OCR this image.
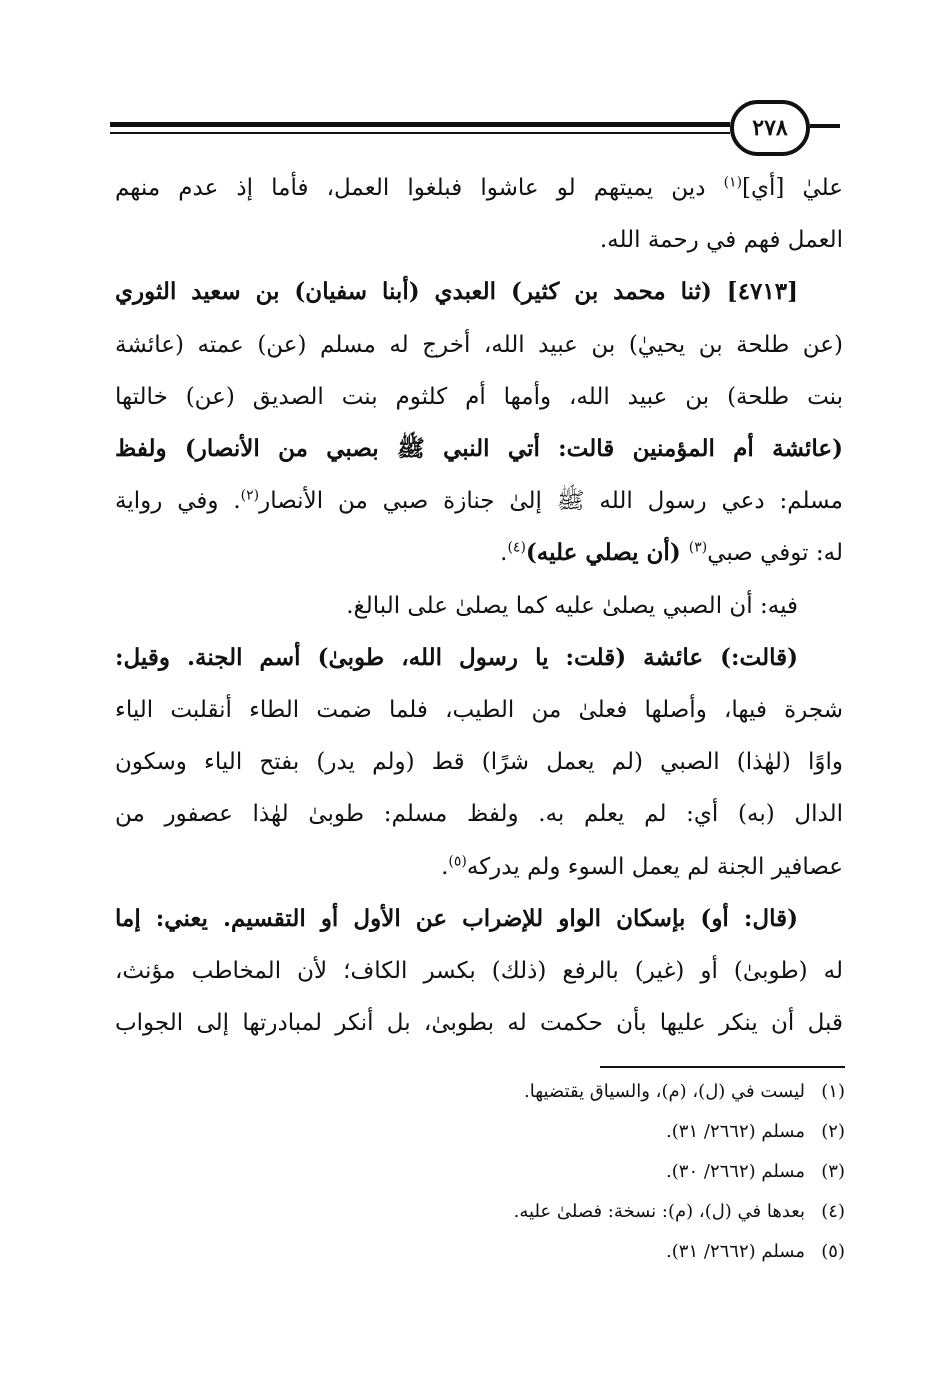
٢٧٨
عليٰ [أي]$^{(١)}$ دين يميتهم لو عاشوا فبلغوا العمل، فأما إذ عدم منهم
العمل فهم في رحمة الله.
[٤٧١٣] (ثنا محمد بن كثير) العبدي (أبنا سفيان) بن سعيد الثوري
(عن طلحة بن يحييٰ) بن عبيد الله، أخرج له مسلم (عن) عمته (عائشة
بنت طلحة) بن عبيد الله، وأمها أم كلثوم بنت الصديق (عن) خالتها
(عائشة أم المؤمنين قالت: أتي النبي ﷺ بصبي من الأنصار) ولفظ
مسلم: دعي رسول الله ﷺ إلىٰ جنازة صبي من الأنصار$^{(٢)}$. وفي رواية
له: توفي صبي$^{(٣)}$ (أن يصلي عليه)$^{(٤)}$.
فيه: أن الصبي يصلىٰ عليه كما يصلىٰ على البالغ.
(قالت:) عائشة (قلت: يا رسول الله، طوبىٰ) أسم الجنة. وقيل:
شجرة فيها، وأصلها فعلىٰ من الطيب، فلما ضمت الطاء أنقلبت الياء
واوًا (لهٰذا) الصبي (لم يعمل شرًا) قط (ولم يدر) بفتح الياء وسكون
الدال (به) أي: لم يعلم به. ولفظ مسلم: طوبىٰ لهٰذا عصفور من
عصافير الجنة لم يعمل السوء ولم يدركه$^{(٥)}$.
(قال: أو) بإسكان الواو للإضراب عن الأول أو التقسيم. يعني: إما
له (طوبىٰ) أو (غير) بالرفع (ذلك) بكسر الكاف؛ لأن المخاطب مؤنث،
قبل أن ينكر عليها بأن حكمت له بطوبىٰ، بل أنكر لمبادرتها إلى الجواب
(١)ليست في (ل)، (م)، والسياق يقتضيها.
(٢)مسلم (٢٦٦٢/ ٣١).
(٣)مسلم (٢٦٦٢/ ٣٠).
(٤)بعدها في (ل)، (م): نسخة: فصلىٰ عليه.
(٥)مسلم (٢٦٦٢/ ٣١).
